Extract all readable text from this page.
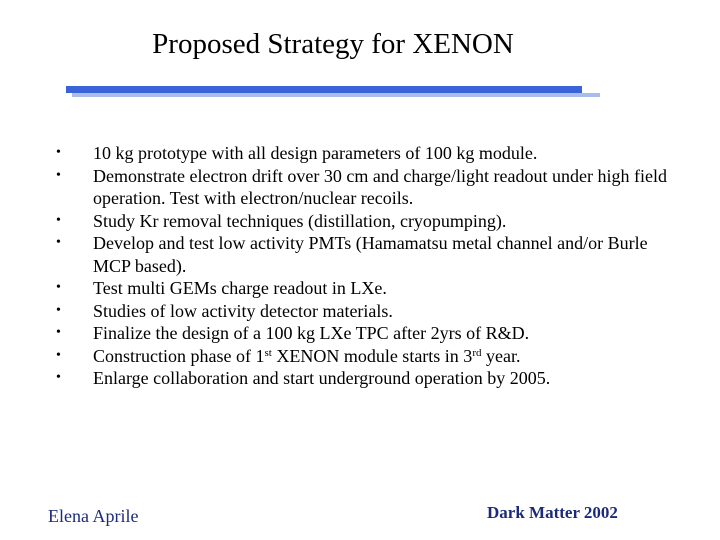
Proposed Strategy for XENON
• 10 kg prototype with all design parameters of 100 kg module.
• Demonstrate electron drift over 30 cm and charge/light readout under high field operation. Test with electron/nuclear recoils.
• Study Kr removal techniques (distillation, cryopumping).
• Develop and test low activity PMTs (Hamamatsu metal channel and/or Burle MCP based).
• Test multi GEMs charge readout in LXe.
• Studies of low activity detector materials.
• Finalize the design of a 100 kg LXe TPC after 2yrs of R&D.
• Construction phase of 1st XENON module starts in 3rd year.
• Enlarge collaboration and start underground operation by 2005.
Elena Aprile	Dark Matter 2002
